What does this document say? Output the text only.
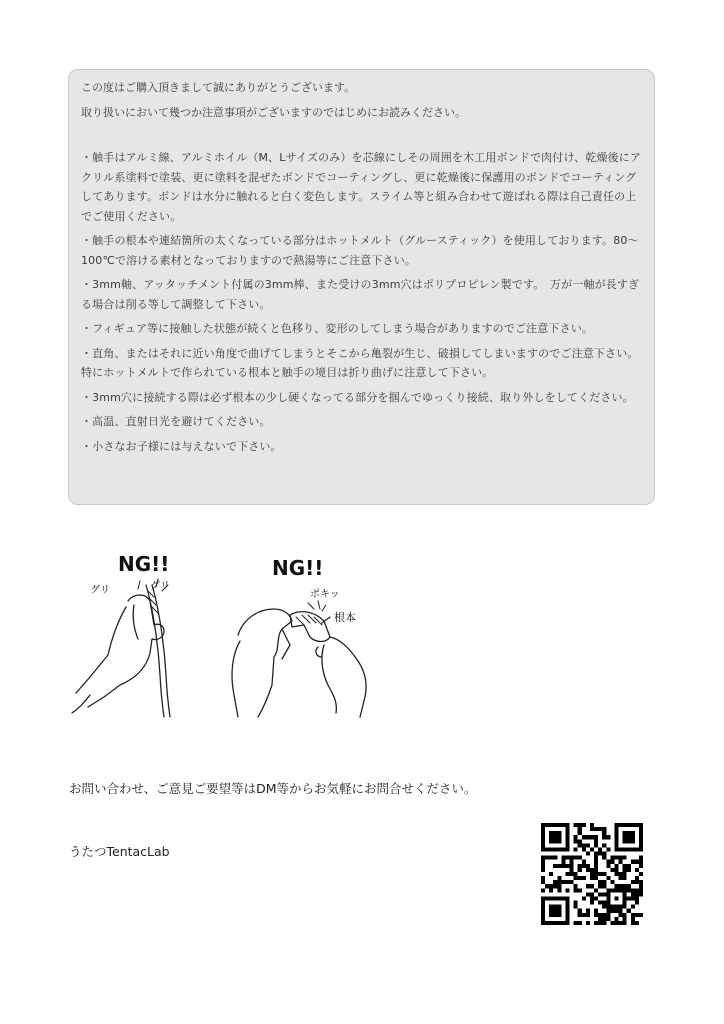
この度はご購入頂きまして誠にありがとうございます。

取り扱いにおいて幾つか注意事項がございますのではじめにお読みください。

・触手はアルミ線、アルミホイル（M、Lサイズのみ）を芯線にしその周囲を木工用ボンドで肉付け、乾燥後にアクリル系塗料で塗装、更に塗料を混ぜたボンドでコーティングし、更に乾燥後に保護用のボンドでコーティングしてあります。ボンドは水分に触れると白く変色します。スライム等と組み合わせて遊ばれる際は自己責任の上でご使用ください。

・触手の根本や連結箇所の太くなっている部分はホットメルト（グルースティック）を使用しております。80〜100℃で溶ける素材となっておりますので熱湯等にご注意下さい。

・3mm軸、アッタッチメント付属の3mm棒、また受けの3mm穴はポリプロピレン製です。　万が一軸が長すぎる場合は削る等して調整して下さい。

・フィギュア等に接触した状態が続くと色移り、変形のしてしまう場合がありますのでご注意下さい。

・直角、またはそれに近い角度で曲げてしまうとそこから亀裂が生じ、破損してしまいますのでご注意下さい。特にホットメルトで作られている根本と触手の境目は折り曲げに注意して下さい。

・3mm穴に接続する際は必ず根本の少し硬くなってる部分を掴んでゆっくり接続、取り外しをしてください。

・高温、直射日光を避けてください。

・小さなお子様には与えないで下さい。

NG!!
グリ	グリ
NG!!
ポキッ
根本
お問い合わせ、ご意見ご要望等はDM等からお気軽にお問合せください。
うたつTentacLab
